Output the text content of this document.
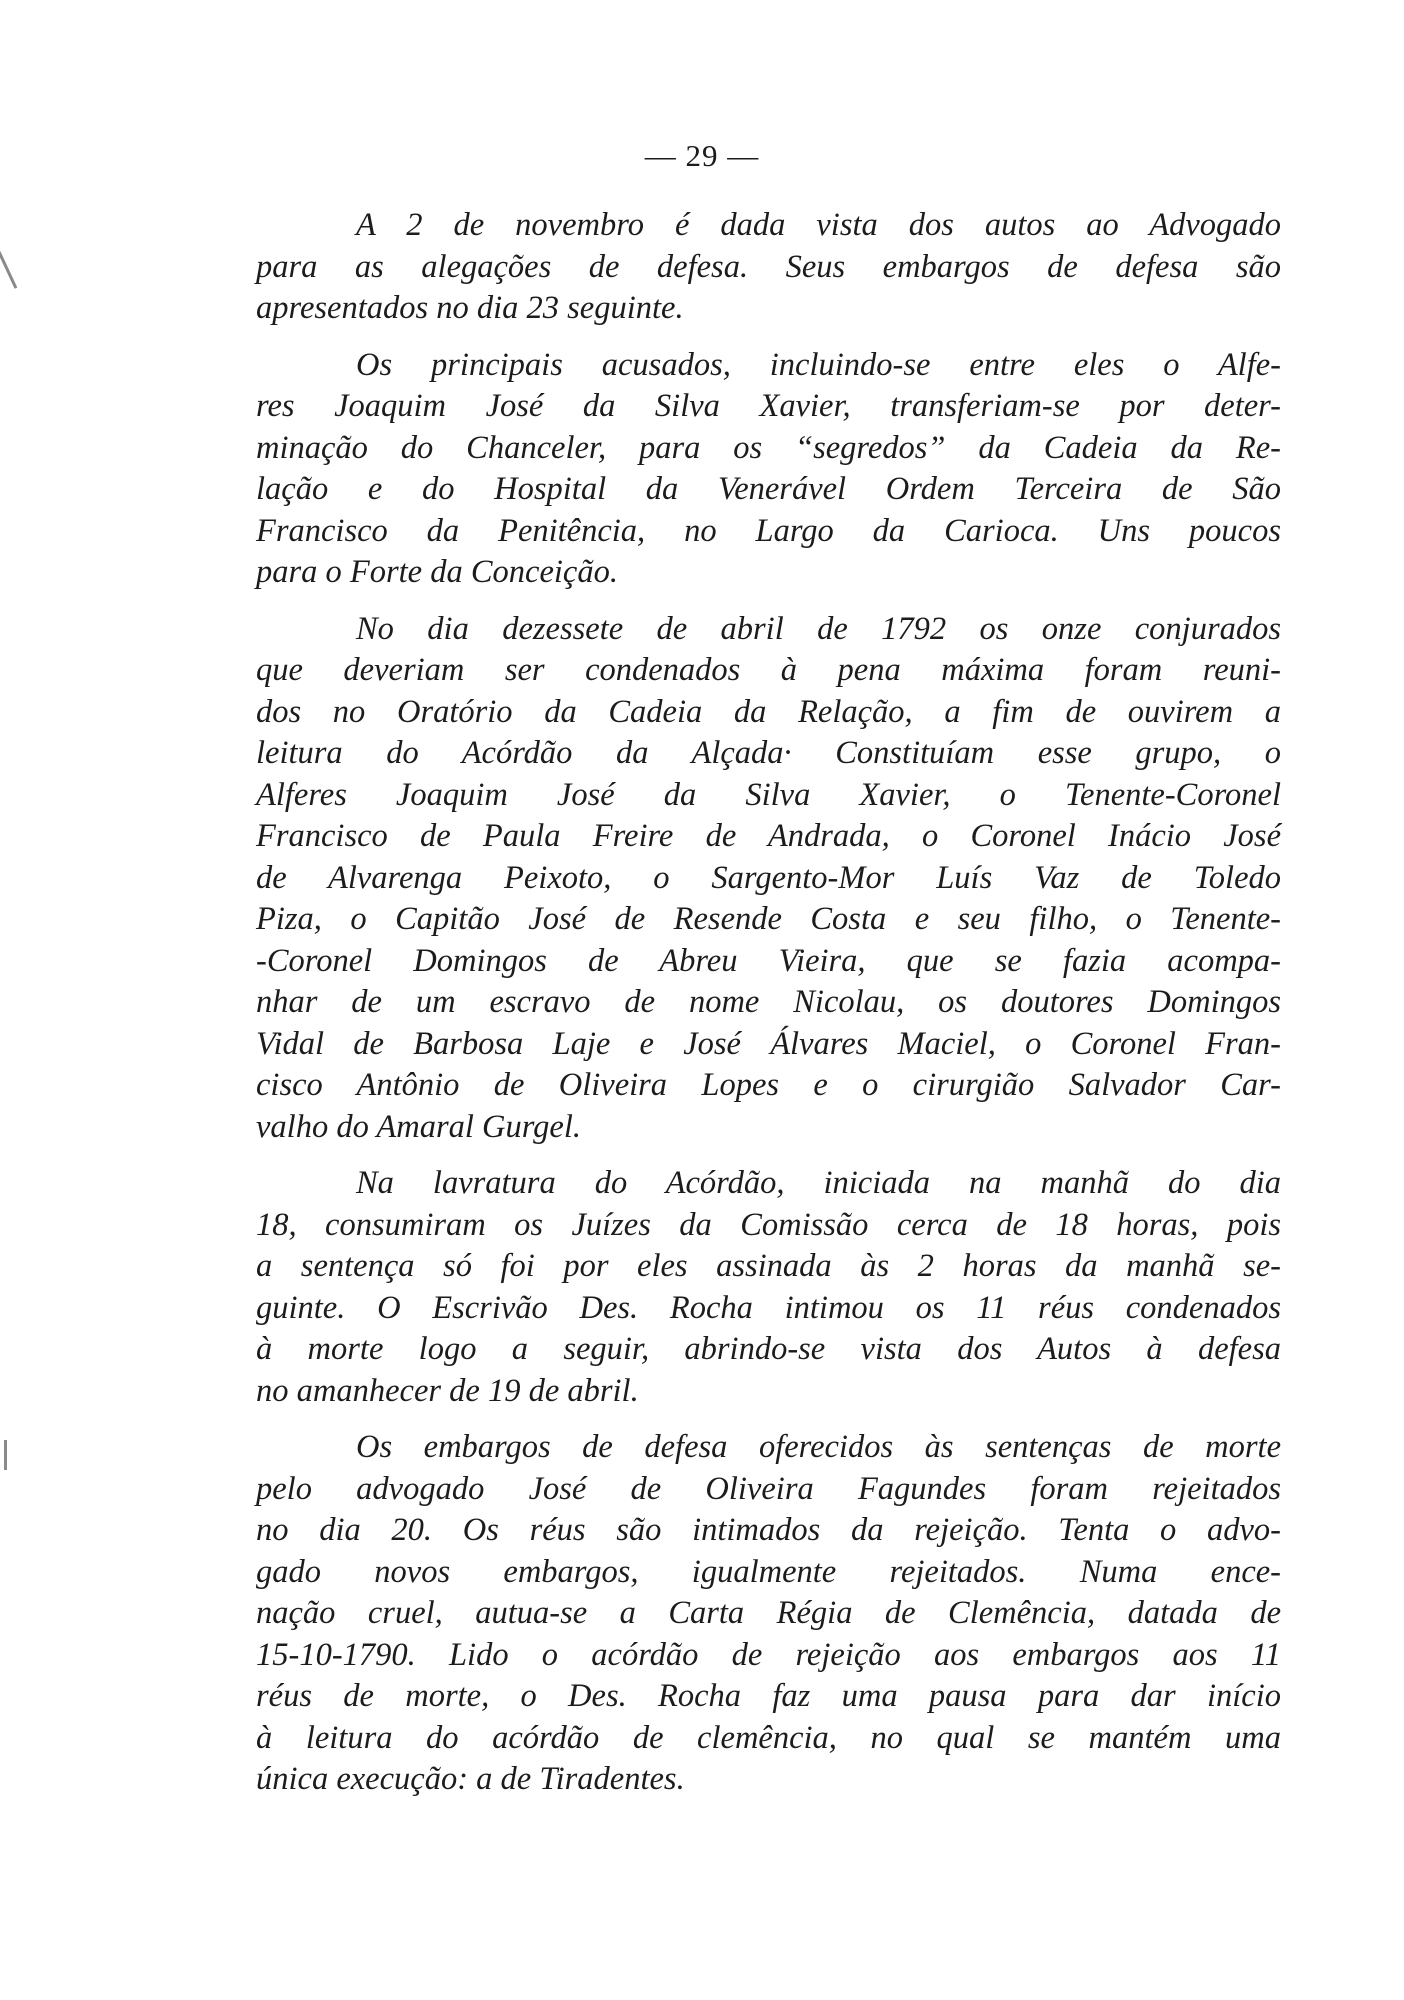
— 29 —
A 2 de novembro é dada vista dos autos ao Advogado
para as alegações de defesa. Seus embargos de defesa são
apresentados no dia 23 seguinte.
Os principais acusados, incluindo-se entre eles o Alfe-
res Joaquim José da Silva Xavier, transferiam-se por deter-
minação do Chanceler, para os “segredos” da Cadeia da Re-
lação e do Hospital da Venerável Ordem Terceira de São
Francisco da Penitência, no Largo da Carioca. Uns poucos
para o Forte da Conceição.
No dia dezessete de abril de 1792 os onze conjurados
que deveriam ser condenados à pena máxima foram reuni-
dos no Oratório da Cadeia da Relação, a fim de ouvirem a
leitura do Acórdão da Alçada· Constituíam esse grupo, o
Alferes Joaquim José da Silva Xavier, o Tenente-Coronel
Francisco de Paula Freire de Andrada, o Coronel Inácio José
de Alvarenga Peixoto, o Sargento-Mor Luís Vaz de Toledo
Piza, o Capitão José de Resende Costa e seu filho, o Tenente-
-Coronel Domingos de Abreu Vieira, que se fazia acompa-
nhar de um escravo de nome Nicolau, os doutores Domingos
Vidal de Barbosa Laje e José Álvares Maciel, o Coronel Fran-
cisco Antônio de Oliveira Lopes e o cirurgião Salvador Car-
valho do Amaral Gurgel.
Na lavratura do Acórdão, iniciada na manhã do dia
18, consumiram os Juízes da Comissão cerca de 18 horas, pois
a sentença só foi por eles assinada às 2 horas da manhã se-
guinte. O Escrivão Des. Rocha intimou os 11 réus condenados
à morte logo a seguir, abrindo-se vista dos Autos à defesa
no amanhecer de 19 de abril.
Os embargos de defesa oferecidos às sentenças de morte
pelo advogado José de Oliveira Fagundes foram rejeitados
no dia 20. Os réus são intimados da rejeição. Tenta o advo-
gado novos embargos, igualmente rejeitados. Numa ence-
nação cruel, autua-se a Carta Régia de Clemência, datada de
15-10-1790. Lido o acórdão de rejeição aos embargos aos 11
réus de morte, o Des. Rocha faz uma pausa para dar início
à leitura do acórdão de clemência, no qual se mantém uma
única execução: a de Tiradentes.
